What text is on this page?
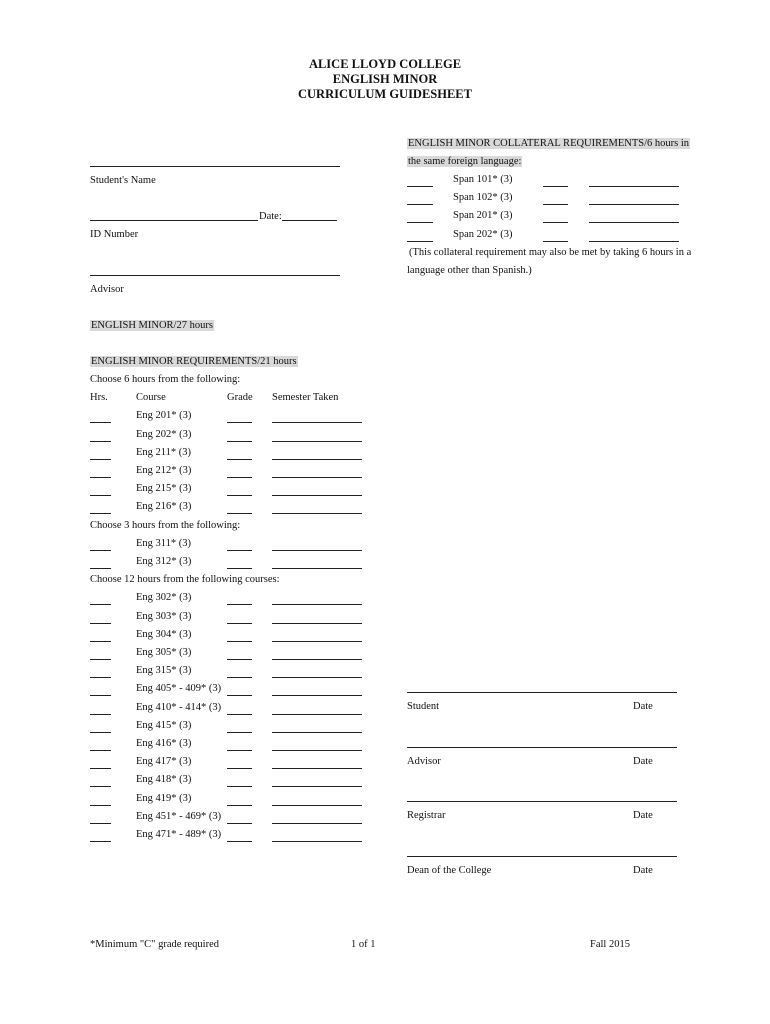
ALICE LLOYD COLLEGE
ENGLISH MINOR
CURRICULUM GUIDESHEET
Student's Name
Date:
ID Number
Advisor
ENGLISH MINOR/27 hours
ENGLISH MINOR REQUIREMENTS/21 hours
Choose 6 hours from the following:
Hrs.	Course	Grade Semester Taken
Eng 201* (3)
Eng 202* (3)
Eng 211* (3)
Eng 212* (3)
Eng 215* (3)
Eng 216* (3)
Choose 3 hours from the following:
Eng 311* (3)
Eng 312* (3)
Choose 12 hours from the following courses:
Eng 302* (3)
Eng 303* (3)
Eng 304* (3)
Eng 305* (3)
Eng 315* (3)
Eng 405* - 409* (3)
Eng 410* - 414* (3)
Eng 415* (3)
Eng 416* (3)
Eng 417* (3)
Eng 418* (3)
Eng 419* (3)
Eng 451* - 469* (3)
Eng 471* - 489* (3)
ENGLISH MINOR COLLATERAL REQUIREMENTS/6 hours in
the same foreign language:
Span 101* (3)
Span 102* (3)
Span 201* (3)
Span 202* (3)
(This collateral requirement may also be met by taking 6 hours in a
language other than Spanish.)
Student	Date
Advisor	Date
Registrar	Date
Dean of the College	Date
*Minimum "C" grade required	1 of 1	Fall 2015
